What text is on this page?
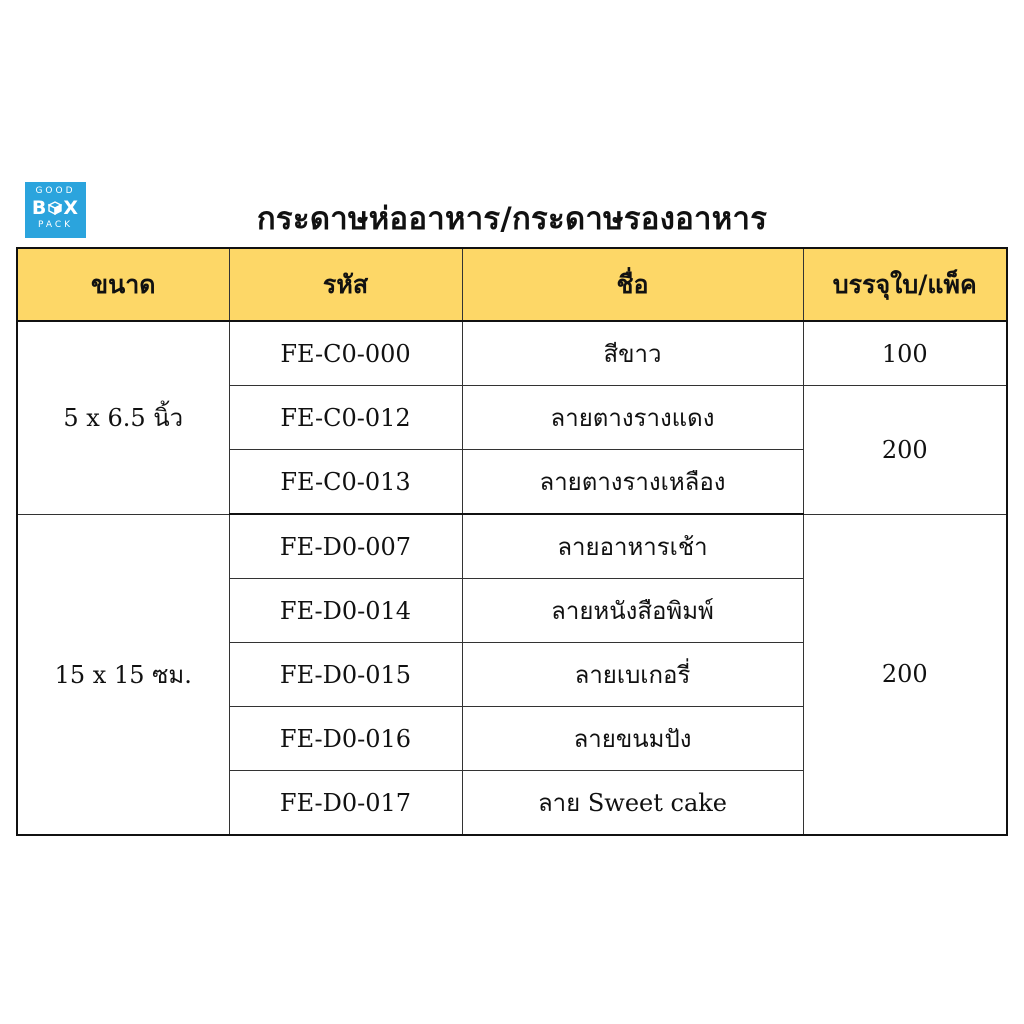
GOOD
B X
PACK	กระดาษห่ออาหาร/กระดาษรองอาหาร
ขนาด	รหัส	ชื่อ	บรรจุใบ/แพ็ค
5 x 6.5 นิ้ว	FE-C0-000	สีขาว	100
	FE-C0-012	ลายตางรางแดง	200
	FE-C0-013	ลายตางรางเหลือง	
15 x 15 ซม.	FE-D0-007	ลายอาหารเช้า	200
	FE-D0-014	ลายหนังสือพิมพ์	
	FE-D0-015	ลายเบเกอรี่	
	FE-D0-016	ลายขนมปัง	
	FE-D0-017	ลาย Sweet cake	
